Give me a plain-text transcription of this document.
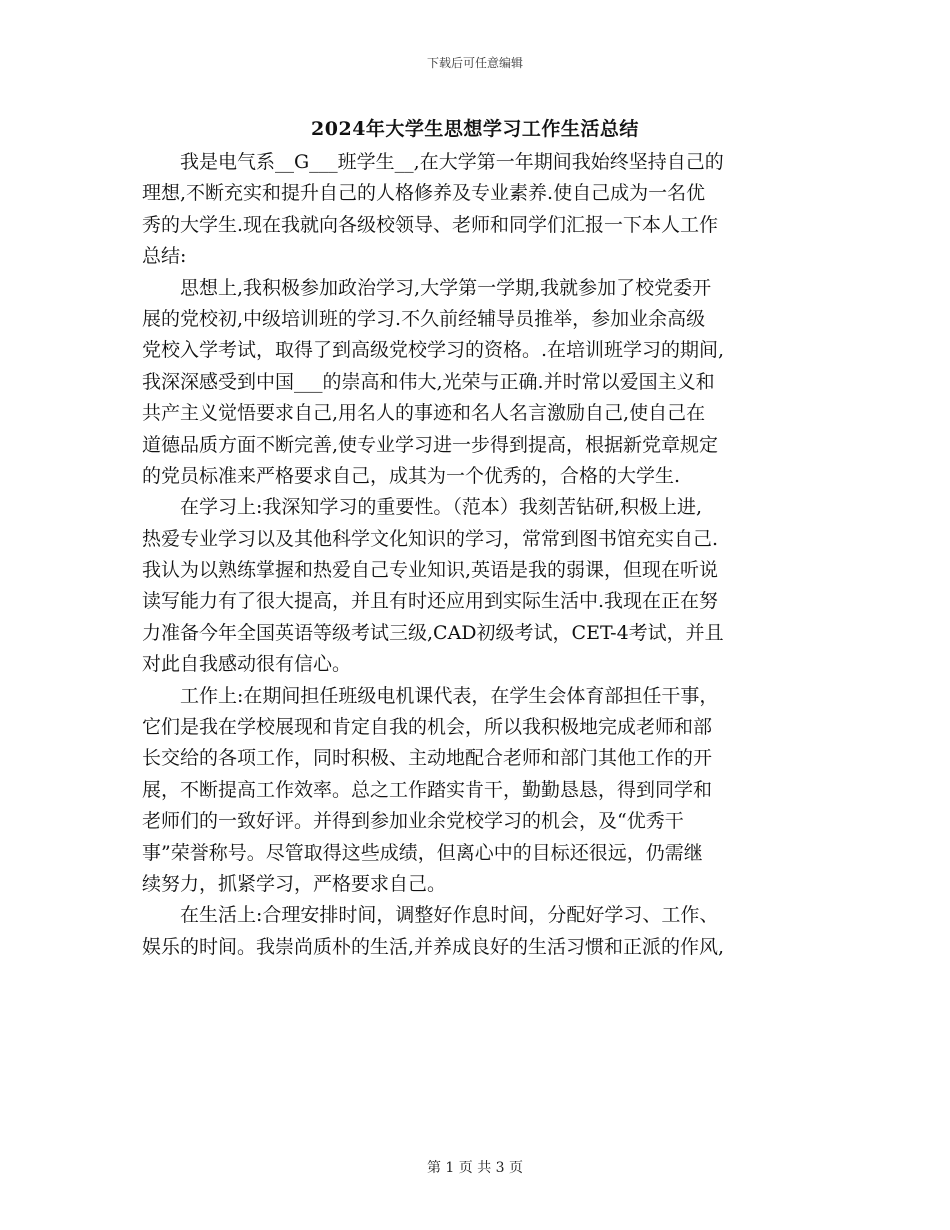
下载后可任意编辑
2024年大学生思想学习工作生活总结
　　我是电气系__G___班学生__,在大学第一年期间我始终坚持自己的
理想,不断充实和提升自己的人格修养及专业素养.使自己成为一名优
秀的大学生.现在我就向各级校领导、老师和同学们汇报一下本人工作
总结:
　　思想上,我积极参加政治学习,大学第一学期,我就参加了校党委开
展的党校初,中级培训班的学习.不久前经辅导员推举，参加业余高级
党校入学考试，取得了到高级党校学习的资格。.在培训班学习的期间,
我深深感受到中国___的崇高和伟大,光荣与正确.并时常以爱国主义和
共产主义觉悟要求自己,用名人的事迹和名人名言激励自己,使自己在
道德品质方面不断完善,使专业学习进一步得到提高，根据新党章规定
的党员标准来严格要求自己，成其为一个优秀的，合格的大学生.
　　在学习上:我深知学习的重要性。（范本）我刻苦钻研,积极上进,
热爱专业学习以及其他科学文化知识的学习，常常到图书馆充实自己.
我认为以熟练掌握和热爱自己专业知识,英语是我的弱课，但现在听说
读写能力有了很大提高，并且有时还应用到实际生活中.我现在正在努
力准备今年全国英语等级考试三级,CAD初级考试，CET-4考试，并且
对此自我感动很有信心。
　　工作上:在期间担任班级电机课代表，在学生会体育部担任干事，
它们是我在学校展现和肯定自我的机会，所以我积极地完成老师和部
长交给的各项工作，同时积极、主动地配合老师和部门其他工作的开
展，不断提高工作效率。总之工作踏实肯干，勤勤恳恳，得到同学和
老师们的一致好评。并得到参加业余党校学习的机会，及“优秀干
事”荣誉称号。尽管取得这些成绩，但离心中的目标还很远，仍需继
续努力，抓紧学习，严格要求自己。
　　在生活上:合理安排时间，调整好作息时间，分配好学习、工作、
娱乐的时间。我崇尚质朴的生活,并养成良好的生活习惯和正派的作风,
第 1 页 共 3 页
